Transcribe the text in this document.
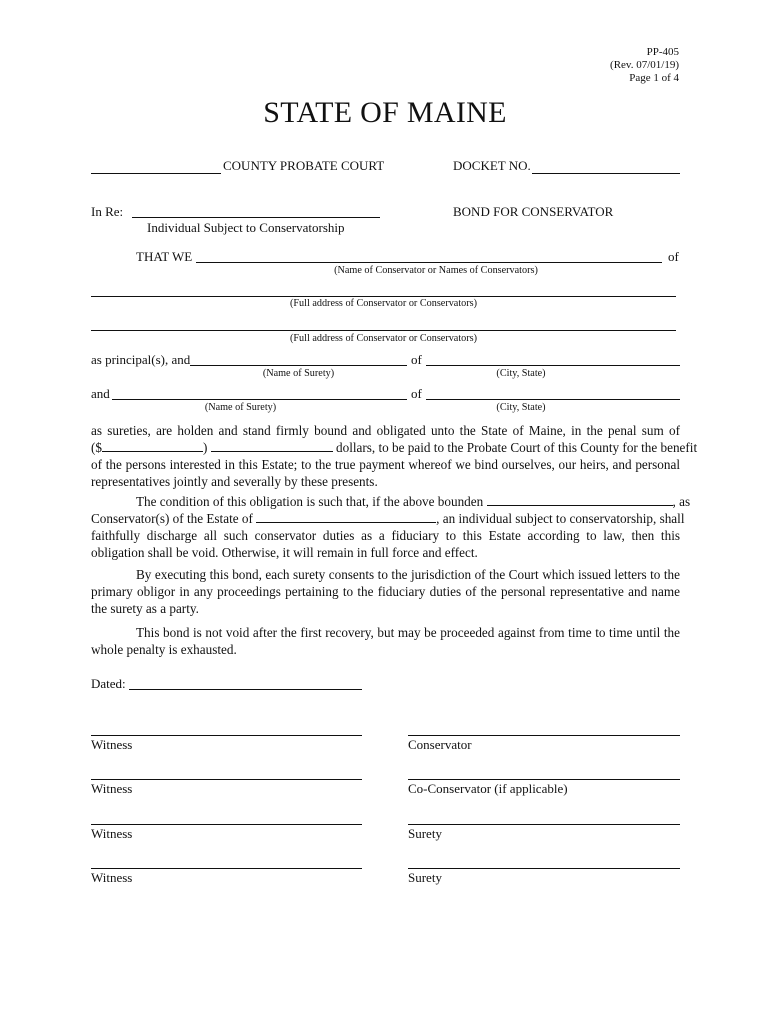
PP-405
(Rev. 07/01/19)
Page 1 of 4
STATE OF MAINE
COUNTY PROBATE COURT	DOCKET NO.
In Re:
Individual Subject to Conservatorship
BOND FOR CONSERVATOR
THAT WE	of
(Name of Conservator or Names of Conservators)
(Full address of Conservator or Conservators)
(Full address of Conservator or Conservators)
as principal(s), and	of
(Name of Surety)	(City, State)
and	of
(Name of Surety)	(City, State)
as sureties, are holden and stand firmly bound and obligated unto the State of Maine, in the penal sum of
($	)	dollars, to be paid to the Probate Court of this County for the benefit
of the persons interested in this Estate; to the true payment whereof we bind ourselves, our heirs, and personal representatives jointly and severally by these presents.
The condition of this obligation is such that, if the above bounden	, as
Conservator(s) of the Estate of	, an individual subject to conservatorship, shall
faithfully discharge all such conservator duties as a fiduciary to this Estate according to law, then this obligation shall be void. Otherwise, it will remain in full force and effect.
By executing this bond, each surety consents to the jurisdiction of the Court which issued letters to the primary obligor in any proceedings pertaining to the fiduciary duties of the personal representative and name the surety as a party.
This bond is not void after the first recovery, but may be proceeded against from time to time until the whole penalty is exhausted.
Dated:
Witness	Conservator
Witness	Co-Conservator (if applicable)
Witness	Surety
Witness	Surety
